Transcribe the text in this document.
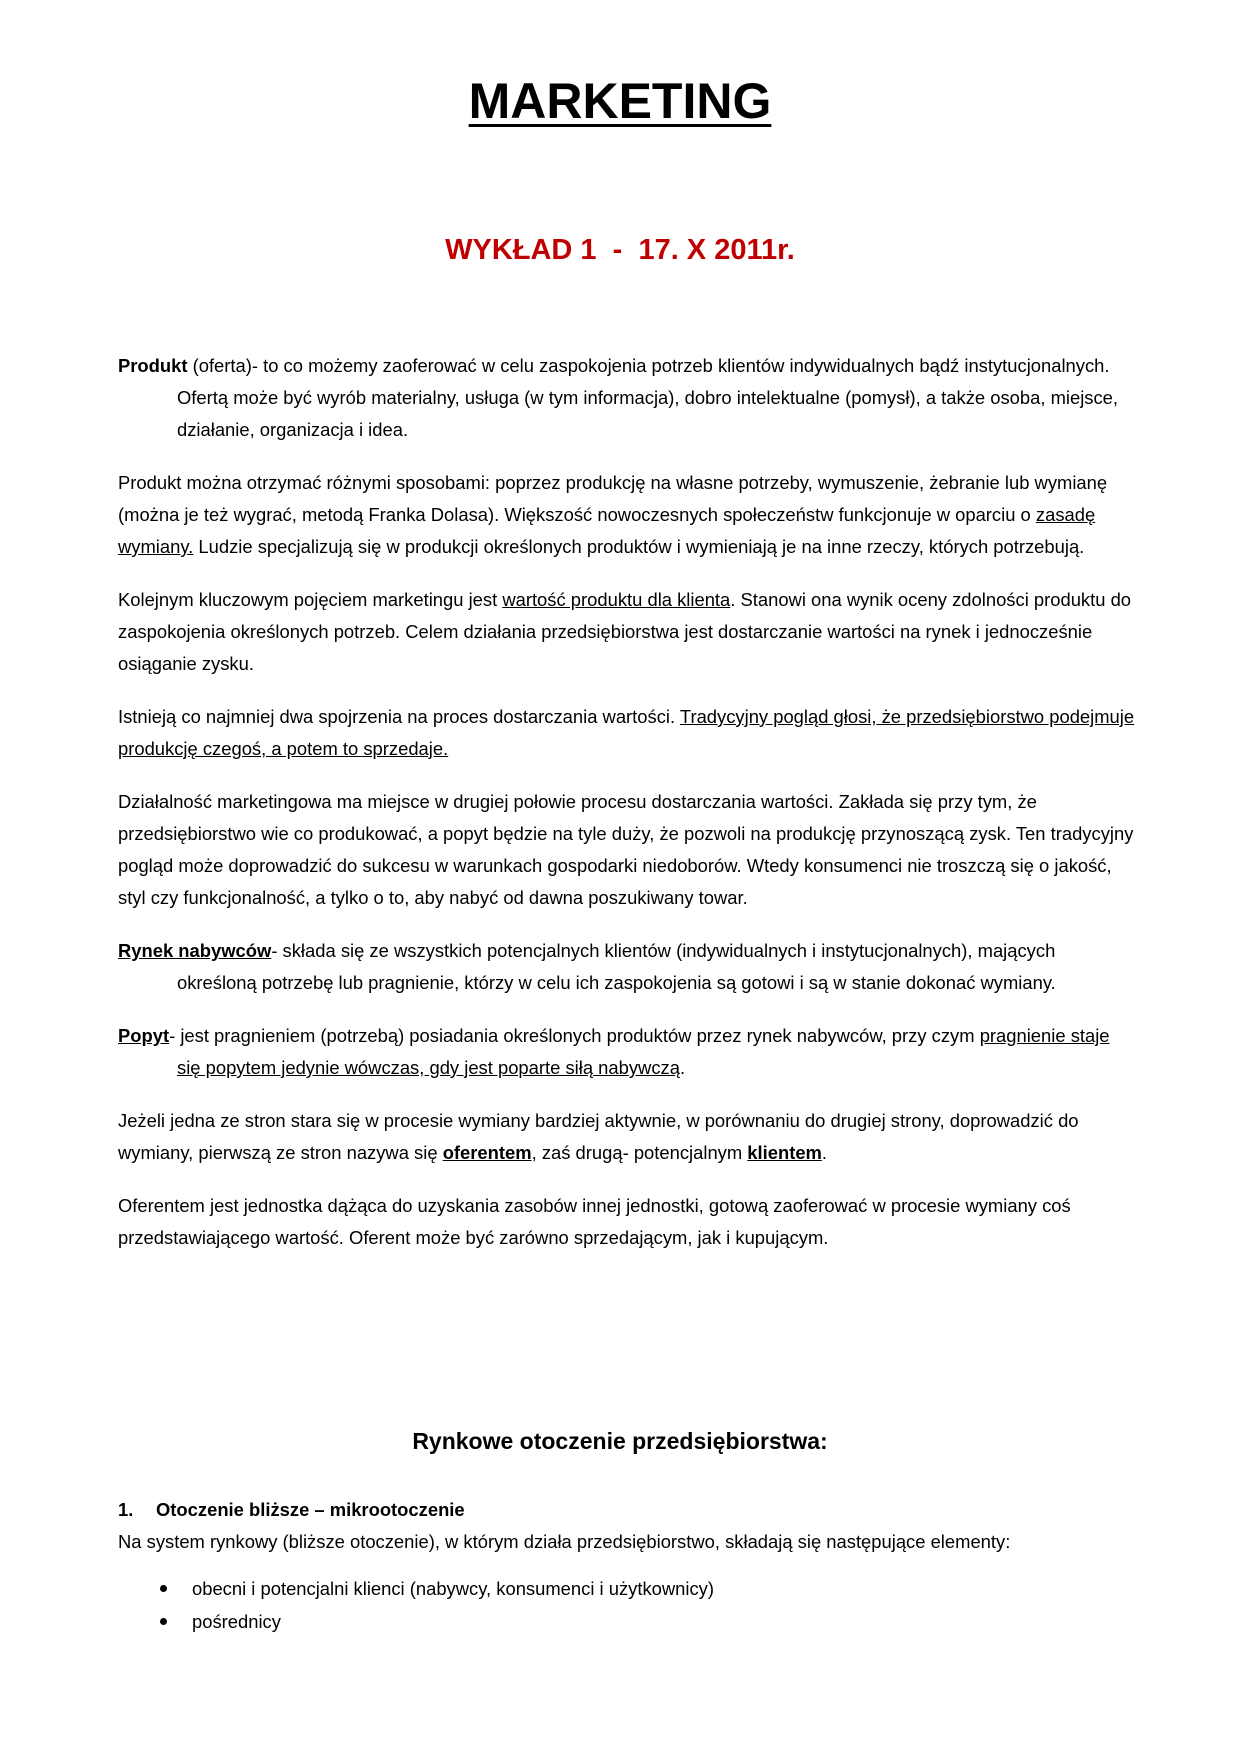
MARKETING
WYKŁAD 1  -  17. X 2011r.

Produkt (oferta)- to co możemy zaoferować w celu zaspokojenia potrzeb klientów indywidualnych bądź instytucjonalnych. Ofertą może być wyrób materialny, usługa (w tym informacja), dobro intelektualne (pomysł), a także osoba, miejsce, działanie, organizacja i idea.

Produkt można otrzymać różnymi sposobami: poprzez produkcję na własne potrzeby, wymuszenie, żebranie lub wymianę (można je też wygrać, metodą Franka Dolasa). Większość nowoczesnych społeczeństw funkcjonuje w oparciu o zasadę wymiany. Ludzie specjalizują się w produkcji określonych produktów i wymieniają je na inne rzeczy, których potrzebują.

Kolejnym kluczowym pojęciem marketingu jest wartość produktu dla klienta. Stanowi ona wynik oceny zdolności produktu do zaspokojenia określonych potrzeb. Celem działania przedsiębiorstwa jest dostarczanie wartości na rynek i jednocześnie osiąganie zysku.

Istnieją co najmniej dwa spojrzenia na proces dostarczania wartości. Tradycyjny pogląd głosi, że przedsiębiorstwo podejmuje produkcję czegoś, a potem to sprzedaje.

Działalność marketingowa ma miejsce w drugiej połowie procesu dostarczania wartości. Zakłada się przy tym, że przedsiębiorstwo wie co produkować, a popyt będzie na tyle duży, że pozwoli na produkcję przynoszącą zysk. Ten tradycyjny pogląd może doprowadzić do sukcesu w warunkach gospodarki niedoborów. Wtedy konsumenci nie troszczą się o jakość, styl czy funkcjonalność, a tylko o to, aby nabyć od dawna poszukiwany towar.

Rynek nabywców- składa się ze wszystkich potencjalnych klientów (indywidualnych i instytucjonalnych), mających określoną potrzebę lub pragnienie, którzy w celu ich zaspokojenia są gotowi i są w stanie dokonać wymiany.

Popyt- jest pragnieniem (potrzebą) posiadania określonych produktów przez rynek nabywców, przy czym pragnienie staje się popytem jedynie wówczas, gdy jest poparte siłą nabywczą.

Jeżeli jedna ze stron stara się w procesie wymiany bardziej aktywnie, w porównaniu do drugiej strony, doprowadzić do wymiany, pierwszą ze stron nazywa się oferentem, zaś drugą- potencjalnym klientem.

Oferentem jest jednostka dążąca do uzyskania zasobów innej jednostki, gotową zaoferować w procesie wymiany coś przedstawiającego wartość. Oferent może być zarówno sprzedającym, jak i kupującym.

Rynkowe otoczenie przedsiębiorstwa:
1. Otoczenie bliższe – mikrootoczenie
Na system rynkowy (bliższe otoczenie), w którym działa przedsiębiorstwo, składają się następujące elementy:
obecni i potencjalni klienci (nabywcy, konsumenci i użytkownicy)
pośrednicy
